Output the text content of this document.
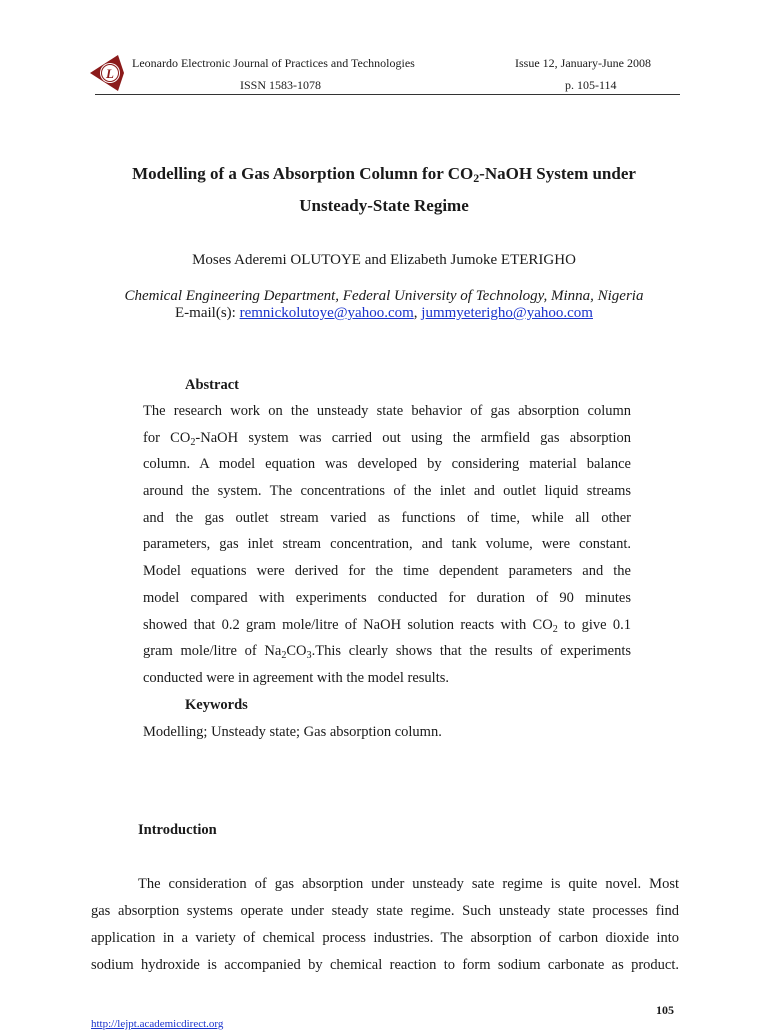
L
Leonardo Electronic Journal of Practices and Technologies
ISSN 1583-1078
Issue 12, January-June 2008
p. 105-114
Modelling of a Gas Absorption Column for $CO_2$-NaOH System under
Unsteady-State Regime
Moses Aderemi OLUTOYE and Elizabeth Jumoke ETERIGHO
Chemical Engineering Department, Federal University of Technology, Minna, Nigeria
E-mail(s): remnickolutoye@yahoo.com, jummyeterigho@yahoo.com
Abstract
The research work on the unsteady state behavior of gas absorption column
for $CO_2$-NaOH system was carried out using the armfield gas absorption
column. A model equation was developed by considering material balance
around the system. The concentrations of the inlet and outlet liquid streams
and the gas outlet stream varied as functions of time, while all other
parameters, gas inlet stream concentration, and tank volume, were constant.
Model equations were derived for the time dependent parameters and the
model compared with experiments conducted for duration of 90 minutes
showed that 0.2 gram mole/litre of NaOH solution reacts with $CO_2$ to give 0.1
gram mole/litre of $Na_2CO_3.This$ clearly shows that the results of experiments
conducted were in agreement with the model results.
Keywords
Modelling; Unsteady state; Gas absorption column.
Introduction
The consideration of gas absorption under unsteady sate regime is quite novel. Most
gas absorption systems operate under steady state regime. Such unsteady state processes find
application in a variety of chemical process industries. The absorption of carbon dioxide into
sodium hydroxide is accompanied by chemical reaction to form sodium carbonate as product.
105
http://lejpt.academicdirect.org
